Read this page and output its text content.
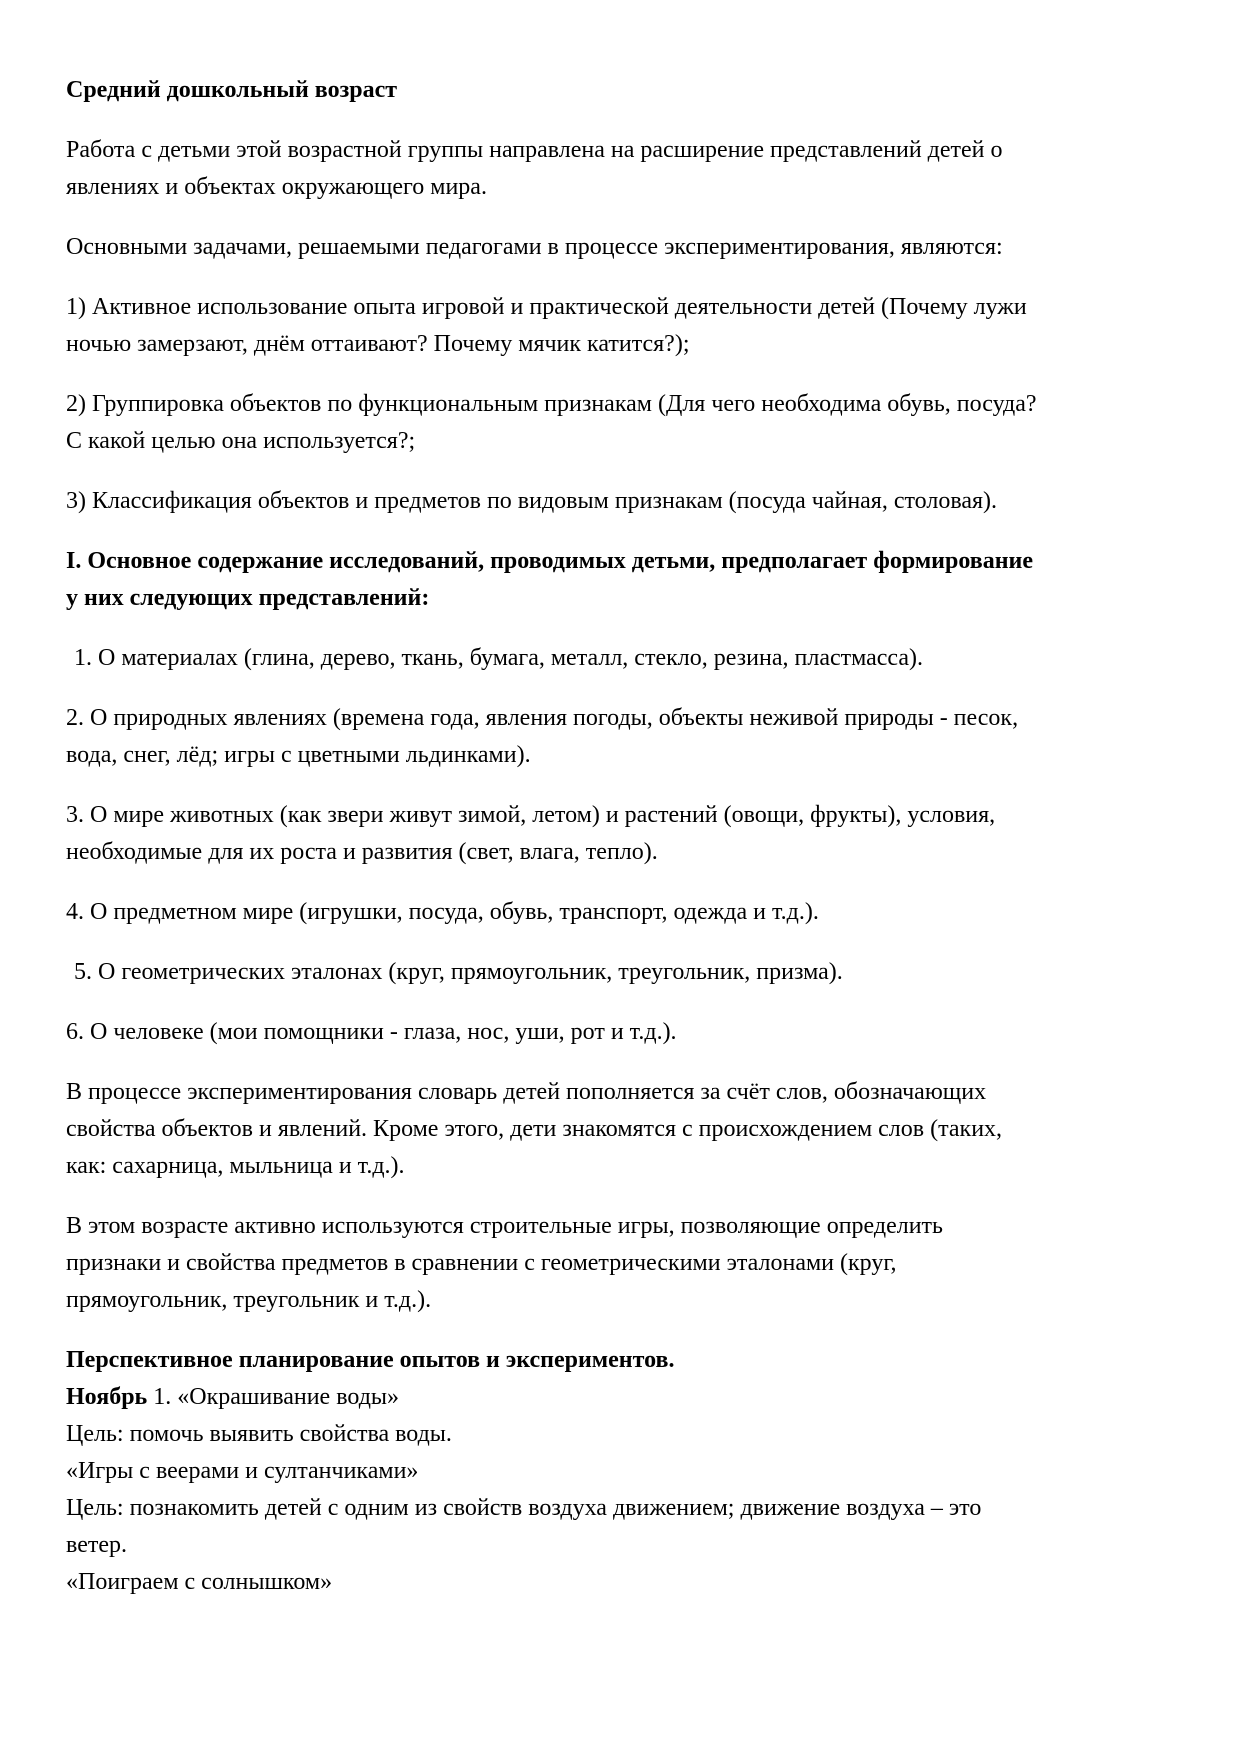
Средний дошкольный возраст

Работа с детьми этой возрастной группы направлена на расширение представлений детей о явлениях и объектах окружающего мира.

Основными задачами, решаемыми педагогами в процессе экспериментирования, являются:

1) Активное использование опыта игровой и практической деятельности детей (Почему лужи ночью замерзают, днём оттаивают? Почему мячик катится?);

2) Группировка объектов по функциональным признакам (Для чего необходима обувь, посуда? С какой целью она используется?;

3) Классификация объектов и предметов по видовым признакам (посуда чайная, столовая).

I. Основное содержание исследований, проводимых детьми, предполагает формирование у них следующих представлений:

1. О материалах (глина, дерево, ткань, бумага, металл, стекло, резина, пластмасса).

2. О природных явлениях (времена года, явления погоды, объекты неживой природы - песок, вода, снег, лёд; игры с цветными льдинками).

3. О мире животных (как звери живут зимой, летом) и растений (овощи, фрукты), условия, необходимые для их роста и развития (свет, влага, тепло).

4. О предметном мире (игрушки, посуда, обувь, транспорт, одежда и т.д.).

5. О геометрических эталонах (круг, прямоугольник, треугольник, призма).

6. О человеке (мои помощники - глаза, нос, уши, рот и т.д.).

В процессе экспериментирования словарь детей пополняется за счёт слов, обозначающих свойства объектов и явлений. Кроме этого, дети знакомятся с происхождением слов (таких, как: сахарница, мыльница и т.д.).

В этом возрасте активно используются строительные игры, позволяющие определить признаки и свойства предметов в сравнении с геометрическими эталонами (круг, прямоугольник, треугольник и т.д.).

Перспективное планирование опытов и экспериментов.

Ноябрь 1. «Окрашивание воды»

Цель: помочь выявить свойства воды.

«Игры с веерами и султанчиками»

Цель: познакомить детей с одним из свойств воздуха движением; движение воздуха – это ветер.

«Поиграем с солнышком»
